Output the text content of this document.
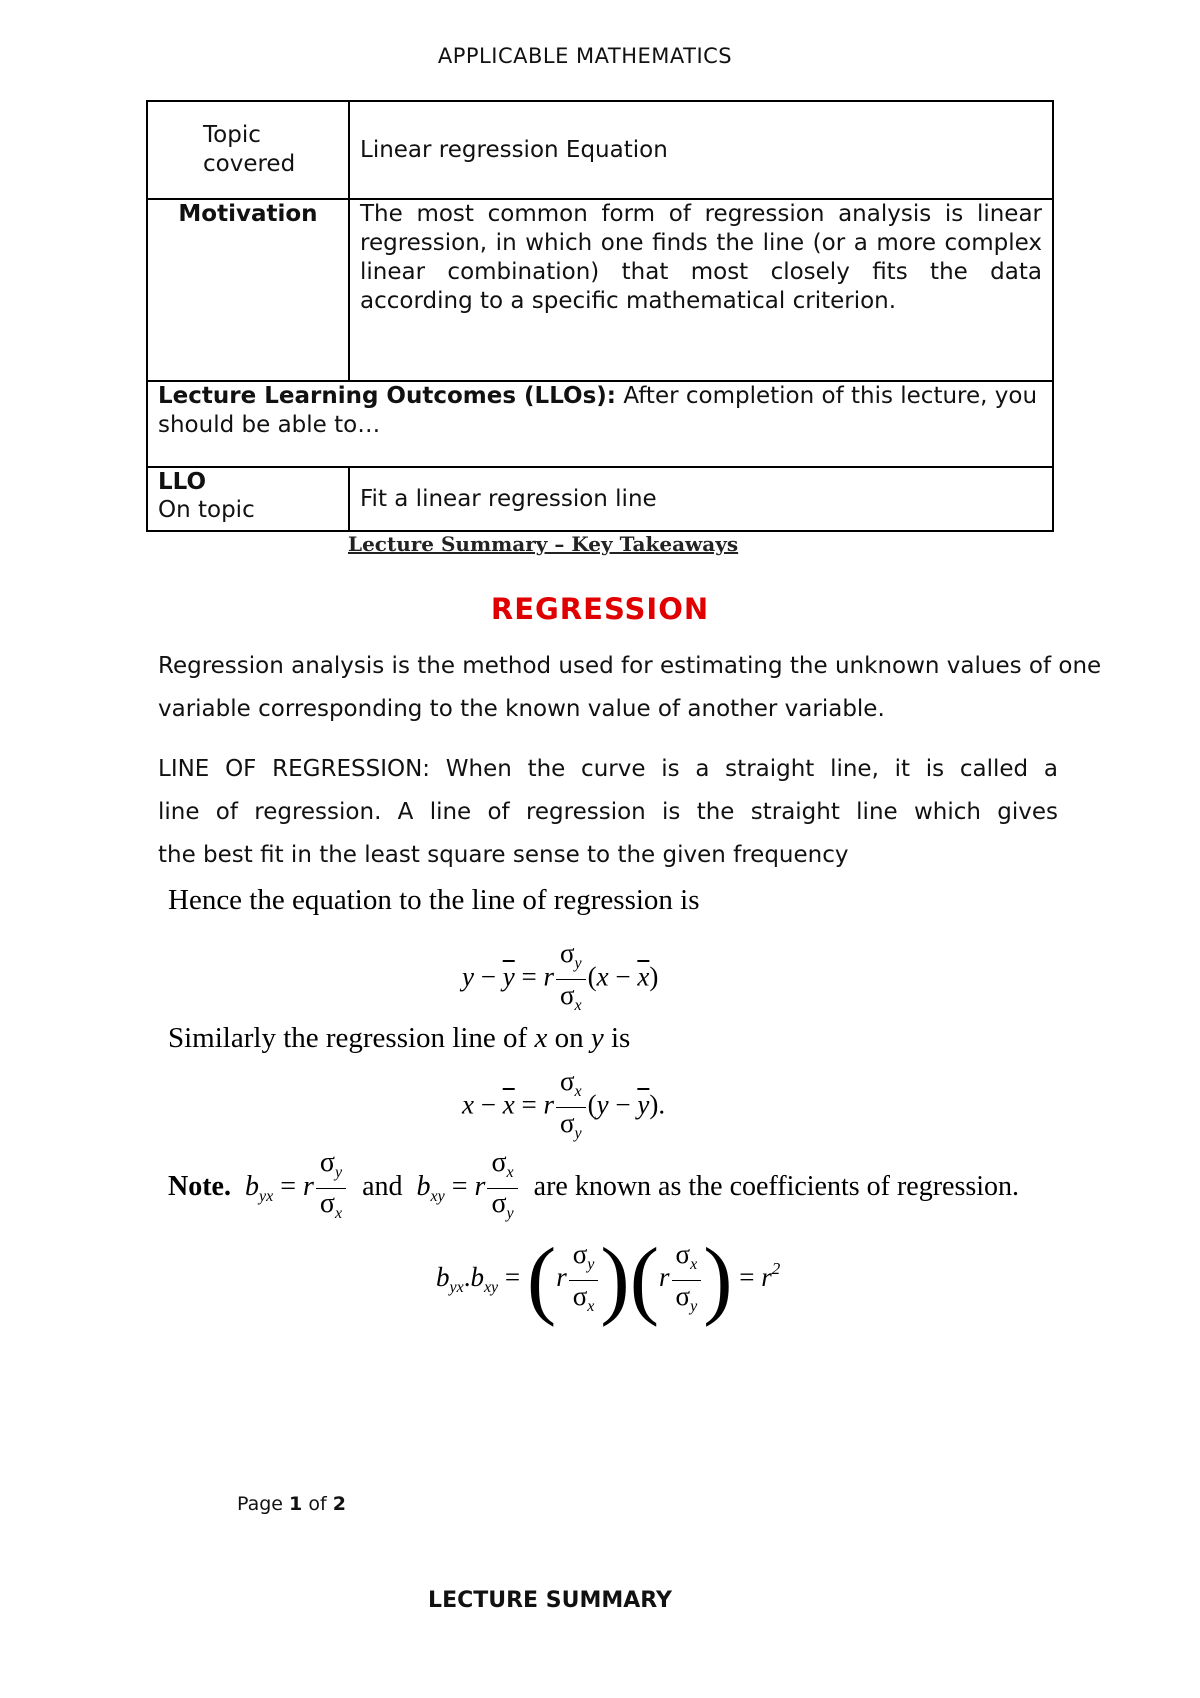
APPLICABLE MATHEMATICS
Topic covered	Linear regression Equation
Motivation	The most common form of regression analysis is linear regression, in which one finds the line (or a more complex linear combination) that most closely fits the data according to a specific mathematical criterion.
Lecture Learning Outcomes (LLOs): After completion of this lecture, you should be able to…	

LLO
On topic	Fit a linear regression line
Lecture Summary – Key Takeaways
REGRESSION
Regression analysis is the method used for estimating the unknown values of one variable corresponding to the known value of another variable.
LINE OF REGRESSION: When the curve is a straight line, it is called a
line of regression. A line of regression is the straight line which gives
the best fit in the least square sense to the given frequency
Hence the equation to the line of regression is
$y - \overline{y} = r \frac{\sigma_y}{\sigma_x} (x - \overline{x})$
Similarly the regression line of x on y is
$x - \overline{x} = r \frac{\sigma_x}{\sigma_y} (y - \overline{y})$.
Note. $b_{yx} = r \frac{\sigma_y}{\sigma_x}$ and $b_{xy} = r \frac{\sigma_x}{\sigma_y}$ are known as the coefficients of regression.
$b_{yx}.b_{xy} = (r \frac{\sigma_y}{\sigma_x} )(r \frac{\sigma_x}{\sigma_y}$ ) = $r^2$
Page 1 of 2
LECTURE SUMMARY
